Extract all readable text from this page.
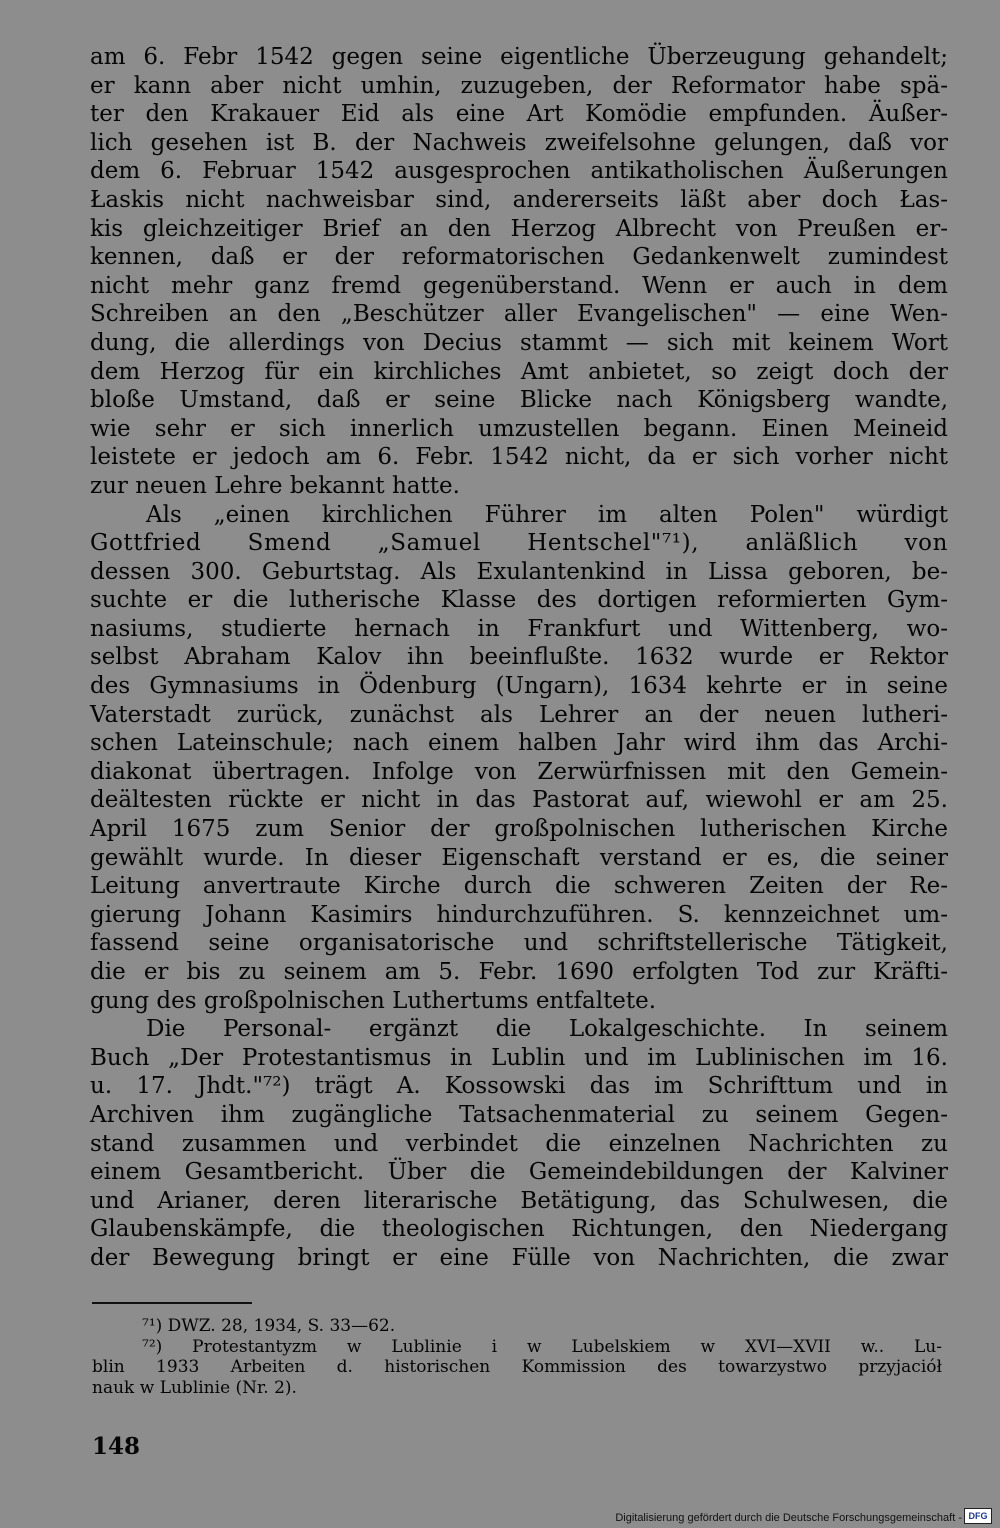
am 6. Febr 1542 gegen seine eigentliche Überzeugung gehandelt;
er kann aber nicht umhin, zuzugeben, der Reformator habe spä-
ter den Krakauer Eid als eine Art Komödie empfunden. Äußer-
lich gesehen ist B. der Nachweis zweifelsohne gelungen, daß vor
dem 6. Februar 1542 ausgesprochen antikatholischen Äußerungen
Łaskis nicht nachweisbar sind, andererseits läßt aber doch Łas-
kis gleichzeitiger Brief an den Herzog Albrecht von Preußen er-
kennen, daß er der reformatorischen Gedankenwelt zumindest
nicht mehr ganz fremd gegenüberstand. Wenn er auch in dem
Schreiben an den „Beschützer aller Evangelischen" — eine Wen-
dung, die allerdings von Decius stammt — sich mit keinem Wort
dem Herzog für ein kirchliches Amt anbietet, so zeigt doch der
bloße Umstand, daß er seine Blicke nach Königsberg wandte,
wie sehr er sich innerlich umzustellen begann. Einen Meineid
leistete er jedoch am 6. Febr. 1542 nicht, da er sich vorher nicht
zur neuen Lehre bekannt hatte.
Als „einen kirchlichen Führer im alten Polen" würdigt
Gottfried Smend „Samuel Hentschel"⁷¹), anläßlich von
dessen 300. Geburtstag. Als Exulantenkind in Lissa geboren, be-
suchte er die lutherische Klasse des dortigen reformierten Gym-
nasiums, studierte hernach in Frankfurt und Wittenberg, wo-
selbst Abraham Kalov ihn beeinflußte. 1632 wurde er Rektor
des Gymnasiums in Ödenburg (Ungarn), 1634 kehrte er in seine
Vaterstadt zurück, zunächst als Lehrer an der neuen lutheri-
schen Lateinschule; nach einem halben Jahr wird ihm das Archi-
diakonat übertragen. Infolge von Zerwürfnissen mit den Gemein-
deältesten rückte er nicht in das Pastorat auf, wiewohl er am 25.
April 1675 zum Senior der großpolnischen lutherischen Kirche
gewählt wurde. In dieser Eigenschaft verstand er es, die seiner
Leitung anvertraute Kirche durch die schweren Zeiten der Re-
gierung Johann Kasimirs hindurchzuführen. S. kennzeichnet um-
fassend seine organisatorische und schriftstellerische Tätigkeit,
die er bis zu seinem am 5. Febr. 1690 erfolgten Tod zur Kräfti-
gung des großpolnischen Luthertums entfaltete.
Die Personal- ergänzt die Lokalgeschichte. In seinem
Buch „Der Protestantismus in Lublin und im Lublinischen im 16.
u. 17. Jhdt."⁷²) trägt A. Kossowski das im Schrifttum und in
Archiven ihm zugängliche Tatsachenmaterial zu seinem Gegen-
stand zusammen und verbindet die einzelnen Nachrichten zu
einem Gesamtbericht. Über die Gemeindebildungen der Kalviner
und Arianer, deren literarische Betätigung, das Schulwesen, die
Glaubenskämpfe, die theologischen Richtungen, den Niedergang
der Bewegung bringt er eine Fülle von Nachrichten, die zwar
⁷¹) DWZ. 28, 1934, S. 33—62.
⁷²) Protestantyzm w Lublinie i w Lubelskiem w XVI—XVII w.. Lu-
blin 1933 Arbeiten d. historischen Kommission des towarzystwo przyjaciół
nauk w Lublinie (Nr. 2).
148
Digitalisierung gefördert durch die Deutsche Forschungsgemeinschaft - DFG
